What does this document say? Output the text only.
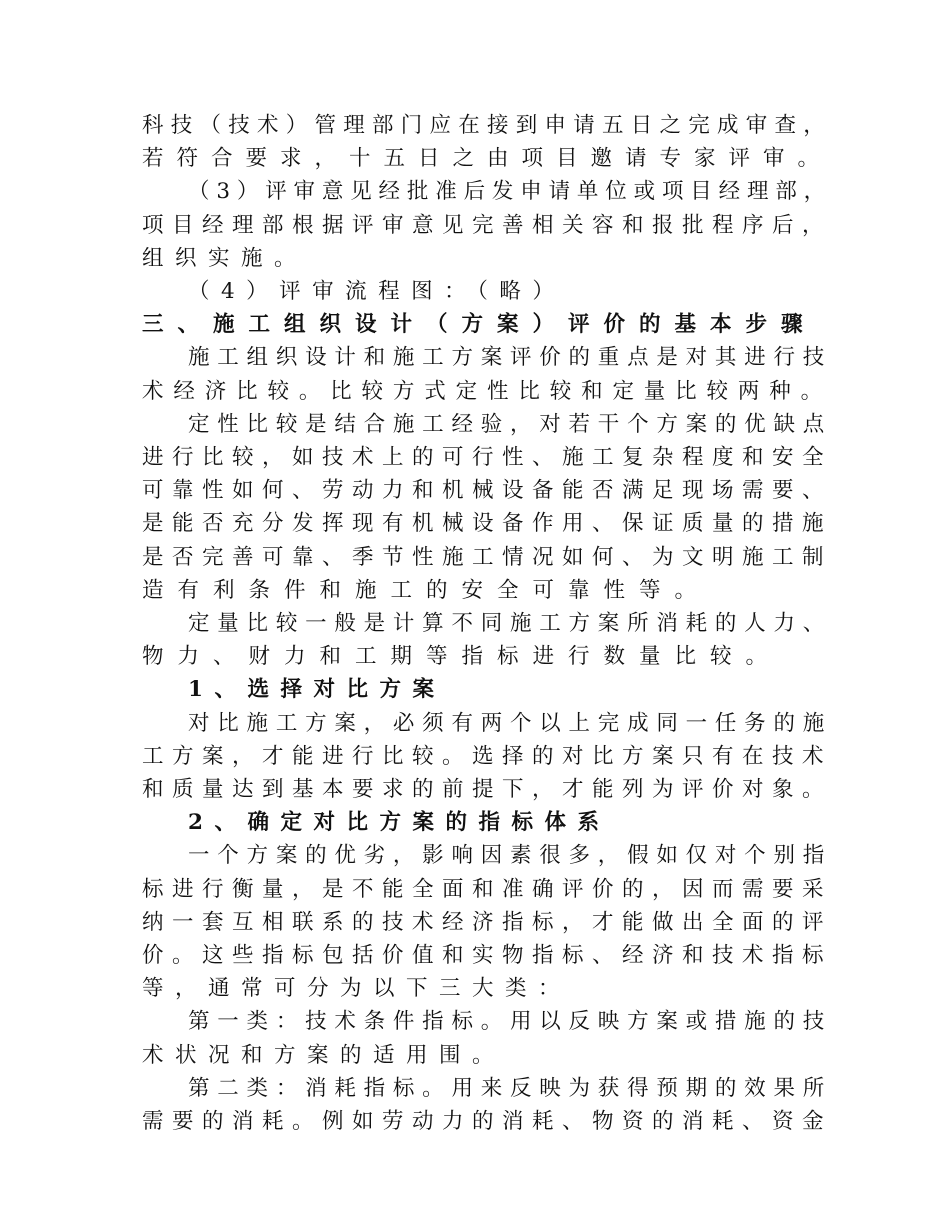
科技（技术）管理部门应在接到申请五日之完成审查，
若符合要求，十五日之由项目邀请专家评审。
（3）评审意见经批准后发申请单位或项目经理部，
项目经理部根据评审意见完善相关容和报批程序后，
组织实施。
（4）评审流程图：（略）
三、施工组织设计（方案）评价的基本步骤
施工组织设计和施工方案评价的重点是对其进行技
术经济比较。比较方式定性比较和定量比较两种。
定性比较是结合施工经验，对若干个方案的优缺点
进行比较，如技术上的可行性、施工复杂程度和安全
可靠性如何、劳动力和机械设备能否满足现场需要、
是能否充分发挥现有机械设备作用、保证质量的措施
是否完善可靠、季节性施工情况如何、为文明施工制
造有利条件和施工的安全可靠性等。
定量比较一般是计算不同施工方案所消耗的人力、
物力、财力和工期等指标进行数量比较。
1、选择对比方案
对比施工方案，必须有两个以上完成同一任务的施
工方案，才能进行比较。选择的对比方案只有在技术
和质量达到基本要求的前提下，才能列为评价对象。
2、确定对比方案的指标体系
一个方案的优劣，影响因素很多，假如仅对个别指
标进行衡量，是不能全面和准确评价的，因而需要采
纳一套互相联系的技术经济指标，才能做出全面的评
价。这些指标包括价值和实物指标、经济和技术指标
等，通常可分为以下三大类：
第一类：技术条件指标。用以反映方案或措施的技
术状况和方案的适用围。
第二类：消耗指标。用来反映为获得预期的效果所
需要的消耗。例如劳动力的消耗、物资的消耗、资金
